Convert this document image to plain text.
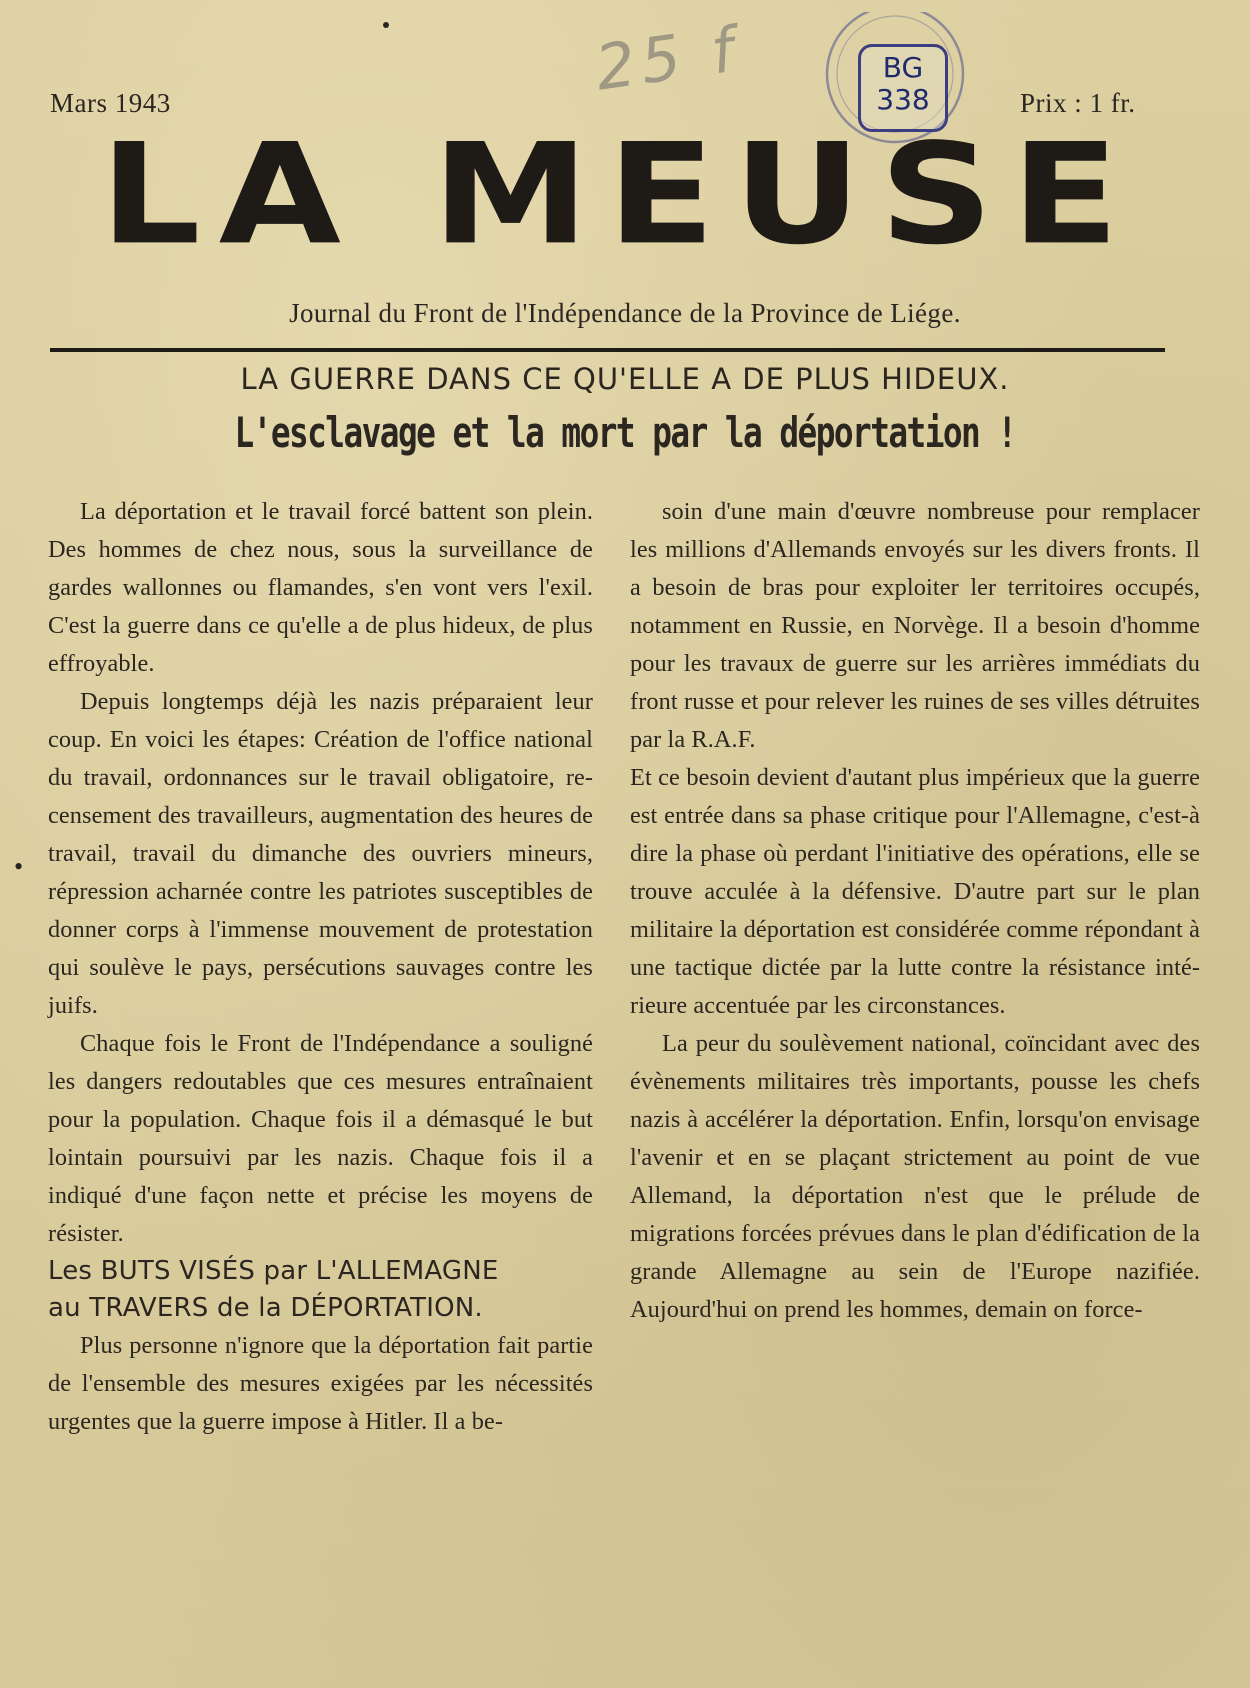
25 f	BG
338
Mars 1943	Prix : 1 fr.
LA MEUSE
Journal du Front de l'Indépendance de la Province de Liége.
LA GUERRE DANS CE QU'ELLE A DE PLUS HIDEUX.
L'esclavage et la mort par la déportation !
•

La déportation et le travail forcé battent son plein. Des hommes de chez nous, sous la surveillance de gardes wallonnes ou flamandes, s'en vont vers l'exil. C'est la guerre dans ce qu'elle a de plus hideux, de plus effroyable.

Depuis longtemps déjà les nazis préparaient leur coup. En voici les étapes: Création de l'office national du travail, ordonnances sur le travail obligatoire, recensement des travailleurs, augmentation des heures de travail, travail du dimanche des ouvriers mineurs, répression acharnée contre les patriotes susceptibles de donner corps à l'immense mouvement de protestation qui soulève le pays, persécutions sauvages contre les juifs.

Chaque fois le Front de l'Indépendance a souligné les dangers redoutables que ces mesures entraînaient pour la population. Chaque fois il a démasqué le but lointain poursuivi par les nazis. Chaque fois il a indiqué d'une façon nette et précise les moyens de résister.

Les BUTS VISÉS par L'ALLEMAGNE

au TRAVERS de la DÉPORTATION.

Plus personne n'ignore que la déportation fait partie de l'ensemble des mesures exigées par les nécessités urgentes que la guerre impose à Hitler. Il a be-

soin d'une main d'œuvre nombreuse pour remplacer les millions d'Allemands envoyés sur les divers fronts. Il a besoin de bras pour exploiter ler territoires occupés, notamment en Russie, en Norvège. Il a besoin d'homme pour les travaux de guerre sur les arrières immédiats du front russe et pour relever les ruines de ses villes détruites par la R.A.F.

Et ce besoin devient d'autant plus impérieux que la guerre est entrée dans sa phase critique pour l'Allemagne, c'est-à dire la phase où perdant l'initiative des opérations, elle se trouve acculée à la défensive. D'autre part sur le plan militaire la déportation est considérée comme répondant à une tactique dictée par la lutte contre la résistance intérieure accentuée par les circonstances.

La peur du soulèvement national, coïncidant avec des évènements militaires très importants, pousse les chefs nazis à accélérer la déportation. Enfin, lorsqu'on envisage l'avenir et en se plaçant strictement au point de vue Allemand, la déportation n'est que le prélude de migrations forcées prévues dans le plan d'édification de la grande Allemagne au sein de l'Europe nazifiée. Aujourd'hui on prend les hommes, demain on force-
